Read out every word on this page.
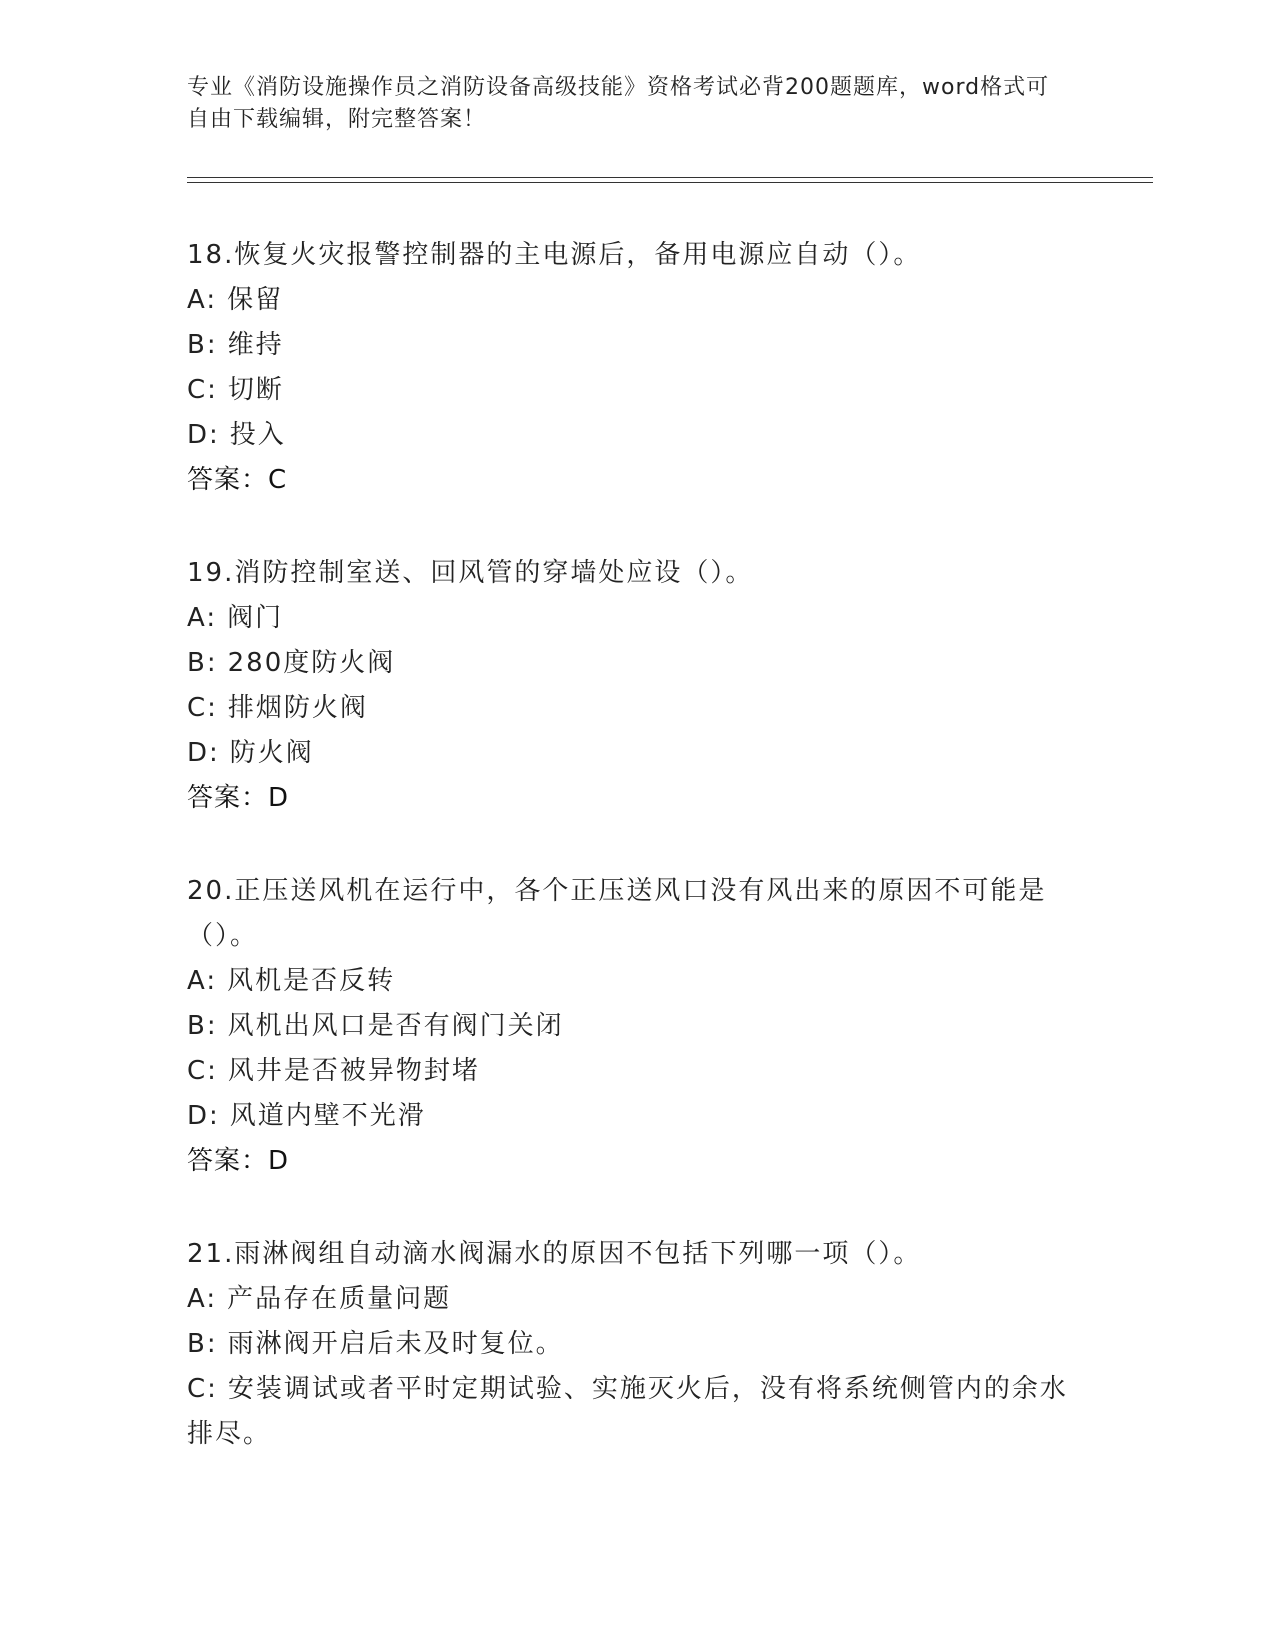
专业《消防设施操作员之消防设备高级技能》资格考试必背200题题库，word格式可自由下载编辑，附完整答案！
18.恢复火灾报警控制器的主电源后，备用电源应自动（）。
A: 保留
B: 维持
C: 切断
D: 投入
答案：C
19.消防控制室送、回风管的穿墙处应设（）。
A: 阀门
B: 280度防火阀
C: 排烟防火阀
D: 防火阀
答案：D
20.正压送风机在运行中，各个正压送风口没有风出来的原因不可能是（）。
A: 风机是否反转
B: 风机出风口是否有阀门关闭
C: 风井是否被异物封堵
D: 风道内壁不光滑
答案：D
21.雨淋阀组自动滴水阀漏水的原因不包括下列哪一项（）。
A: 产品存在质量问题
B: 雨淋阀开启后未及时复位。
C: 安装调试或者平时定期试验、实施灭火后，没有将系统侧管内的余水排尽。
